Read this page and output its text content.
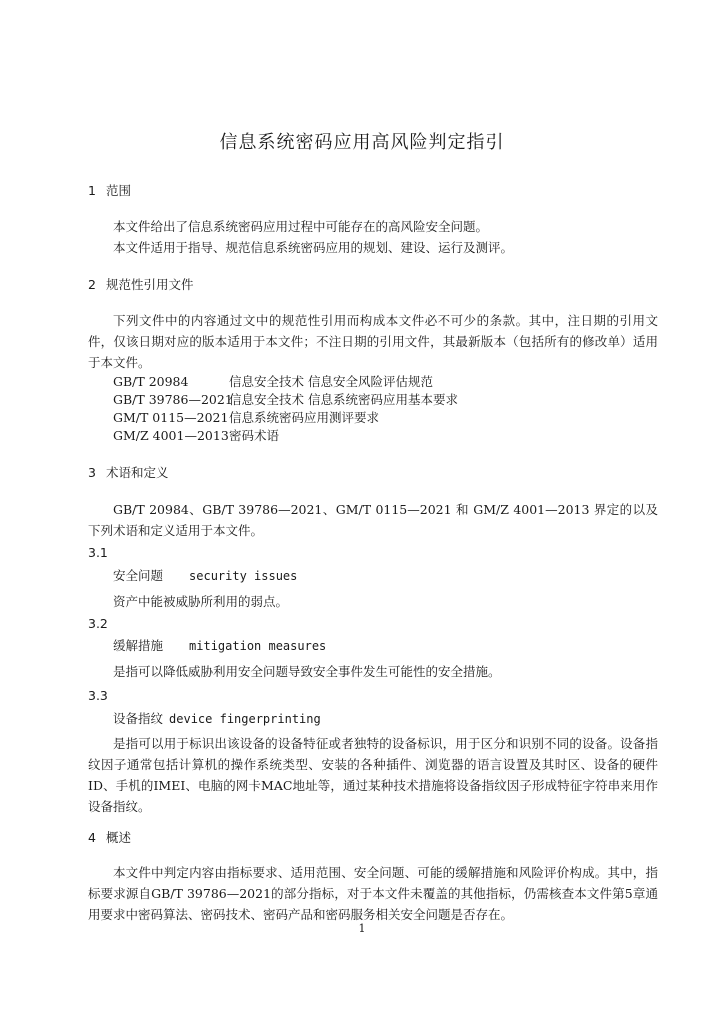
信息系统密码应用高风险判定指引
1 范围

本文件给出了信息系统密码应用过程中可能存在的高风险安全问题。

本文件适用于指导、规范信息系统密码应用的规划、建设、运行及测评。

2 规范性引用文件

下列文件中的内容通过文中的规范性引用而构成本文件必不可少的条款。其中，注日期的引用文件，仅该日期对应的版本适用于本文件；不注日期的引用文件，其最新版本（包括所有的修改单）适用于本文件。

GB/T 20984	信息安全技术 信息安全风险评估规范
GB/T 39786—2021信息安全技术 信息系统密码应用基本要求
GM/T 0115—2021信息系统密码应用测评要求
GM/Z 4001—2013密码术语
3 术语和定义

GB/T 20984、GB/T 39786—2021、GM/T 0115—2021 和 GM/Z 4001—2013 界定的以及下列术语和定义适用于本文件。

3.1

安全问题 security issues

资产中能被威胁所利用的弱点。

3.2

缓解措施 mitigation measures

是指可以降低威胁利用安全问题导致安全事件发生可能性的安全措施。

3.3

设备指纹 device fingerprinting

是指可以用于标识出该设备的设备特征或者独特的设备标识，用于区分和识别不同的设备。设备指纹因子通常包括计算机的操作系统类型、安装的各种插件、浏览器的语言设置及其时区、设备的硬件ID、手机的IMEI、电脑的网卡MAC地址等，通过某种技术措施将设备指纹因子形成特征字符串来用作设备指纹。

4 概述

本文件中判定内容由指标要求、适用范围、安全问题、可能的缓解措施和风险评价构成。其中，指标要求源自GB/T 39786—2021的部分指标，对于本文件未覆盖的其他指标，仍需核查本文件第5章通用要求中密码算法、密码技术、密码产品和密码服务相关安全问题是否存在。

1
